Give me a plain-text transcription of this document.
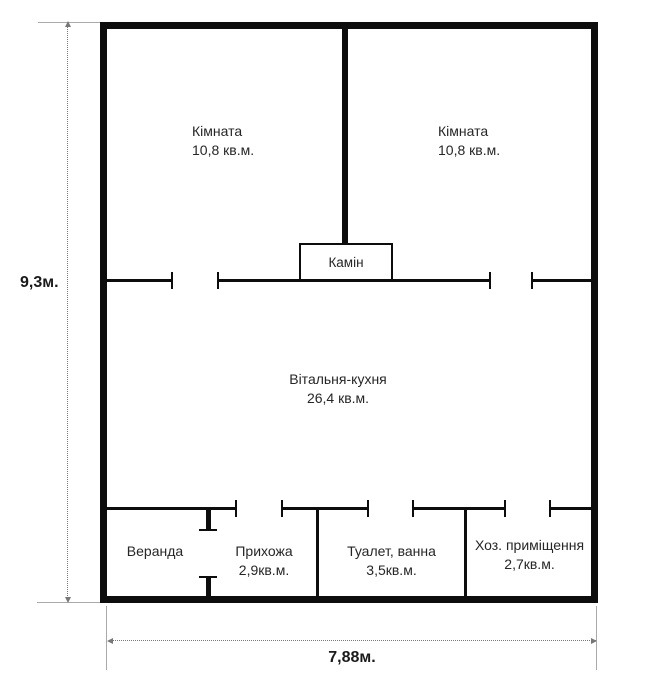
9,3м.
7,88м.
Камін
Кімната
10,8 кв.м.
Кімната
10,8 кв.м.
Вітальня-кухня
26,4 кв.м.
Веранда	Прихожа
2,9кв.м.
Туалет, ванна
3,5кв.м.
Хоз. приміщення
2,7кв.м.
